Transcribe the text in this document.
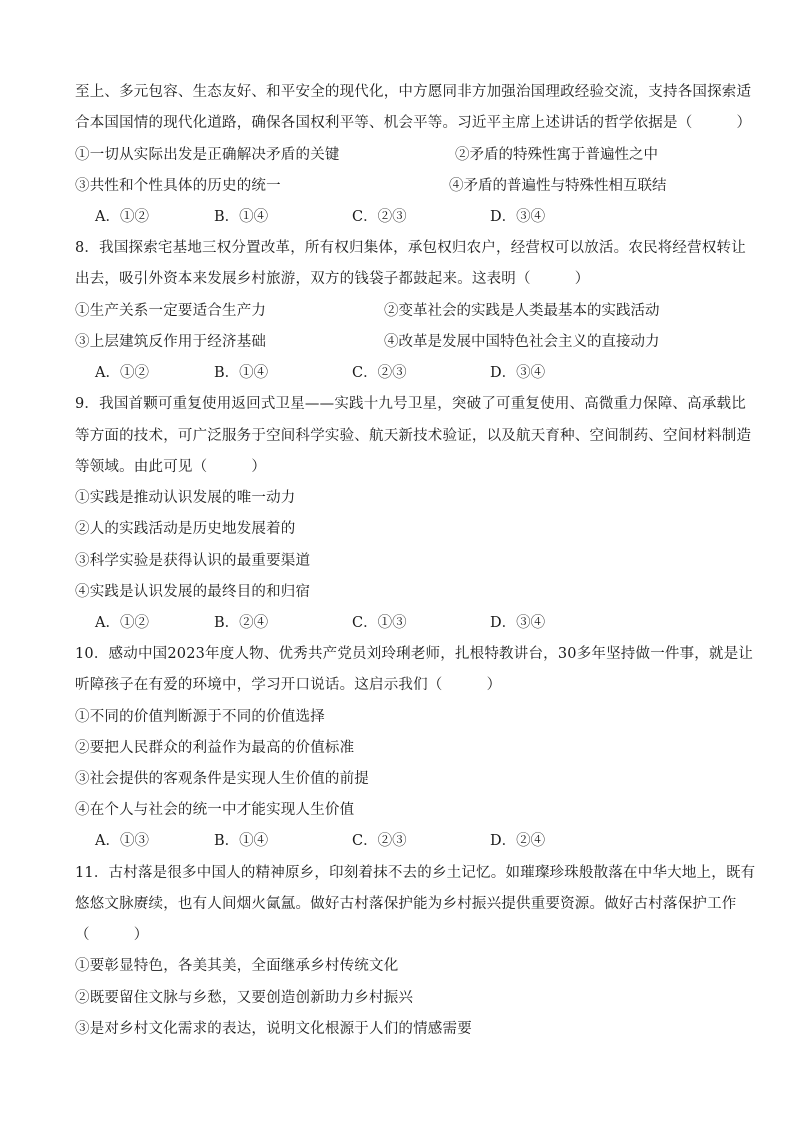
至上、多元包容、生态友好、和平安全的现代化，中方愿同非方加强治国理政经验交流，支持各国探索适
合本国国情的现代化道路，确保各国权利平等、机会平等。习近平主席上述讲话的哲学依据是（　　　）
①一切从实际出发是正确解决矛盾的关键	②矛盾的特殊性寓于普遍性之中
③共性和个性具体的历史的统一	④矛盾的普遍性与特殊性相互联结
A．①②	B．①④	C．②③	D．③④
8．我国探索宅基地三权分置改革，所有权归集体，承包权归农户，经营权可以放活。农民将经营权转让
出去，吸引外资本来发展乡村旅游，双方的钱袋子都鼓起来。这表明（　　　）
①生产关系一定要适合生产力	②变革社会的实践是人类最基本的实践活动
③上层建筑反作用于经济基础	④改革是发展中国特色社会主义的直接动力
A．①②	B．①④	C．②③	D．③④
9．我国首颗可重复使用返回式卫星——实践十九号卫星，突破了可重复使用、高微重力保障、高承载比
等方面的技术，可广泛服务于空间科学实验、航天新技术验证，以及航天育种、空间制药、空间材料制造
等领域。由此可见（　　　）
①实践是推动认识发展的唯一动力
②人的实践活动是历史地发展着的
③科学实验是获得认识的最重要渠道
④实践是认识发展的最终目的和归宿
A．①②	B．②④	C．①③	D．③④
10．感动中国2023年度人物、优秀共产党员刘玲琍老师，扎根特教讲台，30多年坚持做一件事，就是让
听障孩子在有爱的环境中，学习开口说话。这启示我们（　　　）
①不同的价值判断源于不同的价值选择
②要把人民群众的利益作为最高的价值标准
③社会提供的客观条件是实现人生价值的前提
④在个人与社会的统一中才能实现人生价值
A．①③	B．①④	C．②③	D．②④
11．古村落是很多中国人的精神原乡，印刻着抹不去的乡土记忆。如璀璨珍珠般散落在中华大地上，既有
悠悠文脉赓续，也有人间烟火氤氲。做好古村落保护能为乡村振兴提供重要资源。做好古村落保护工作
（　　　）
①要彰显特色，各美其美，全面继承乡村传统文化
②既要留住文脉与乡愁，又要创造创新助力乡村振兴
③是对乡村文化需求的表达，说明文化根源于人们的情感需要
